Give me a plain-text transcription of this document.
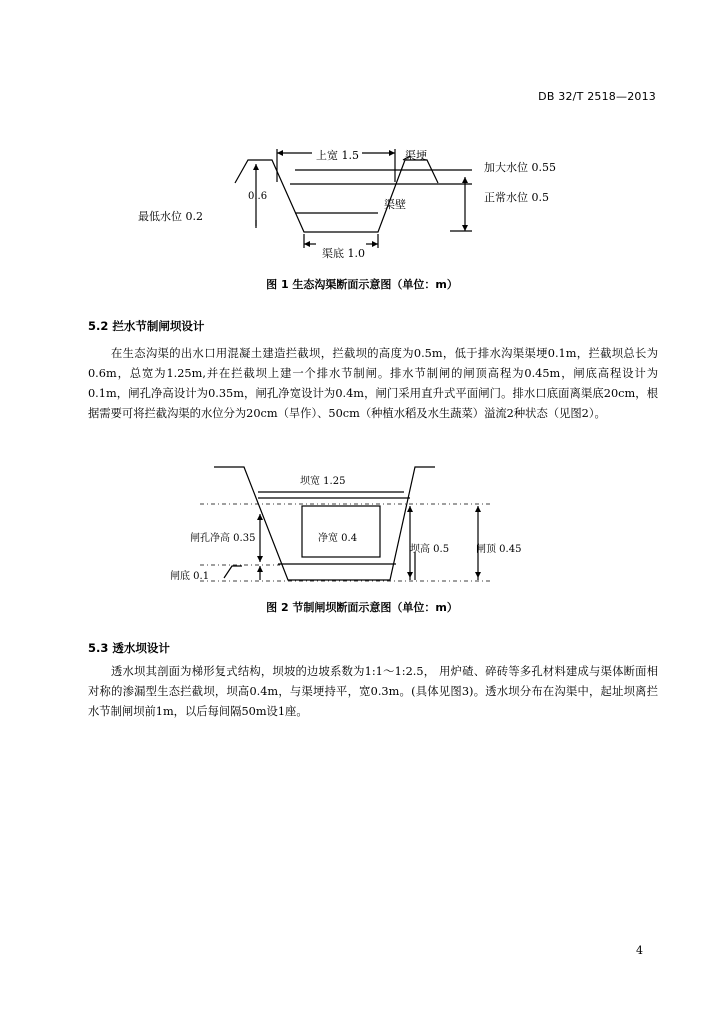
DB 32/T 2518—2013
上宽 1.5	渠埂
加大水位 0.55
正常水位 0.5
0..6
最低水位 0.2
渠壁
渠底 1.0
图 1 生态沟渠断面示意图（单位：m）
5.2 拦水节制闸坝设计
在生态沟渠的出水口用混凝土建造拦截坝，拦截坝的高度为0.5m，低于排水沟渠渠埂0.1m，拦截坝总长为0.6m，总宽为1.25m,并在拦截坝上建一个排水节制闸。排水节制闸的闸顶高程为0.45m，闸底高程设计为0.1m，闸孔净高设计为0.35m，闸孔净宽设计为0.4m，闸门采用直升式平面闸门。排水口底面离渠底20cm，根据需要可将拦截沟渠的水位分为20cm（旱作）、50cm（种植水稻及水生蔬菜）溢流2种状态（见图2）。
坝宽 1.25
闸孔净高 0.35	净宽 0.4
坝高 0.5	闸顶 0.45
闸底 0.1
图 2 节制闸坝断面示意图（单位：m）
5.3 透水坝设计
透水坝其剖面为梯形复式结构，坝坡的边坡系数为1:1～1:2.5， 用炉碴、碎砖等多孔材料建成与渠体断面相对称的渗漏型生态拦截坝，坝高0.4m，与渠埂持平，宽0.3m。(具体见图3)。透水坝分布在沟渠中，起址坝离拦水节制闸坝前1m，以后每间隔50m设1座。
4
